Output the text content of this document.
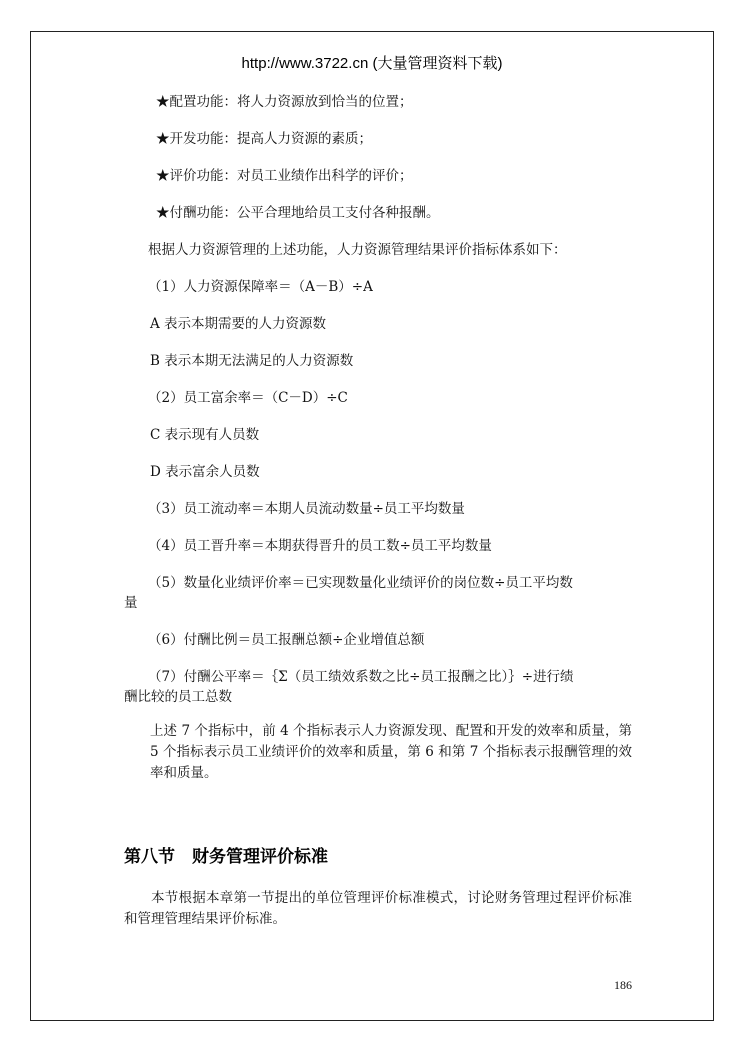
http://www.3722.cn (大量管理资料下载)
★配置功能：将人力资源放到恰当的位置；
★开发功能：提高人力资源的素质；
★评价功能：对员工业绩作出科学的评价；
★付酬功能：公平合理地给员工支付各种报酬。
根据人力资源管理的上述功能，人力资源管理结果评价指标体系如下：
（1）人力资源保障率＝（A－B）÷A
A 表示本期需要的人力资源数
B 表示本期无法满足的人力资源数
（2）员工富余率＝（C－D）÷C
C 表示现有人员数
D 表示富余人员数
（3）员工流动率＝本期人员流动数量÷员工平均数量
（4）员工晋升率＝本期获得晋升的员工数÷员工平均数量
（5）数量化业绩评价率＝已实现数量化业绩评价的岗位数÷员工平均数
量
（6）付酬比例＝员工报酬总额÷企业增值总额
（7）付酬公平率＝｛Σ（员工绩效系数之比÷员工报酬之比）｝÷进行绩
酬比较的员工总数
上述 7 个指标中，前 4 个指标表示人力资源发现、配置和开发的效率和质量，第 5 个指标表示员工业绩评价的效率和质量，第 6 和第 7 个指标表示报酬管理的效率和质量。
第八节　财务管理评价标准
本节根据本章第一节提出的单位管理评价标准模式，讨论财务管理过程评价标准和管理管理结果评价标准。
186
